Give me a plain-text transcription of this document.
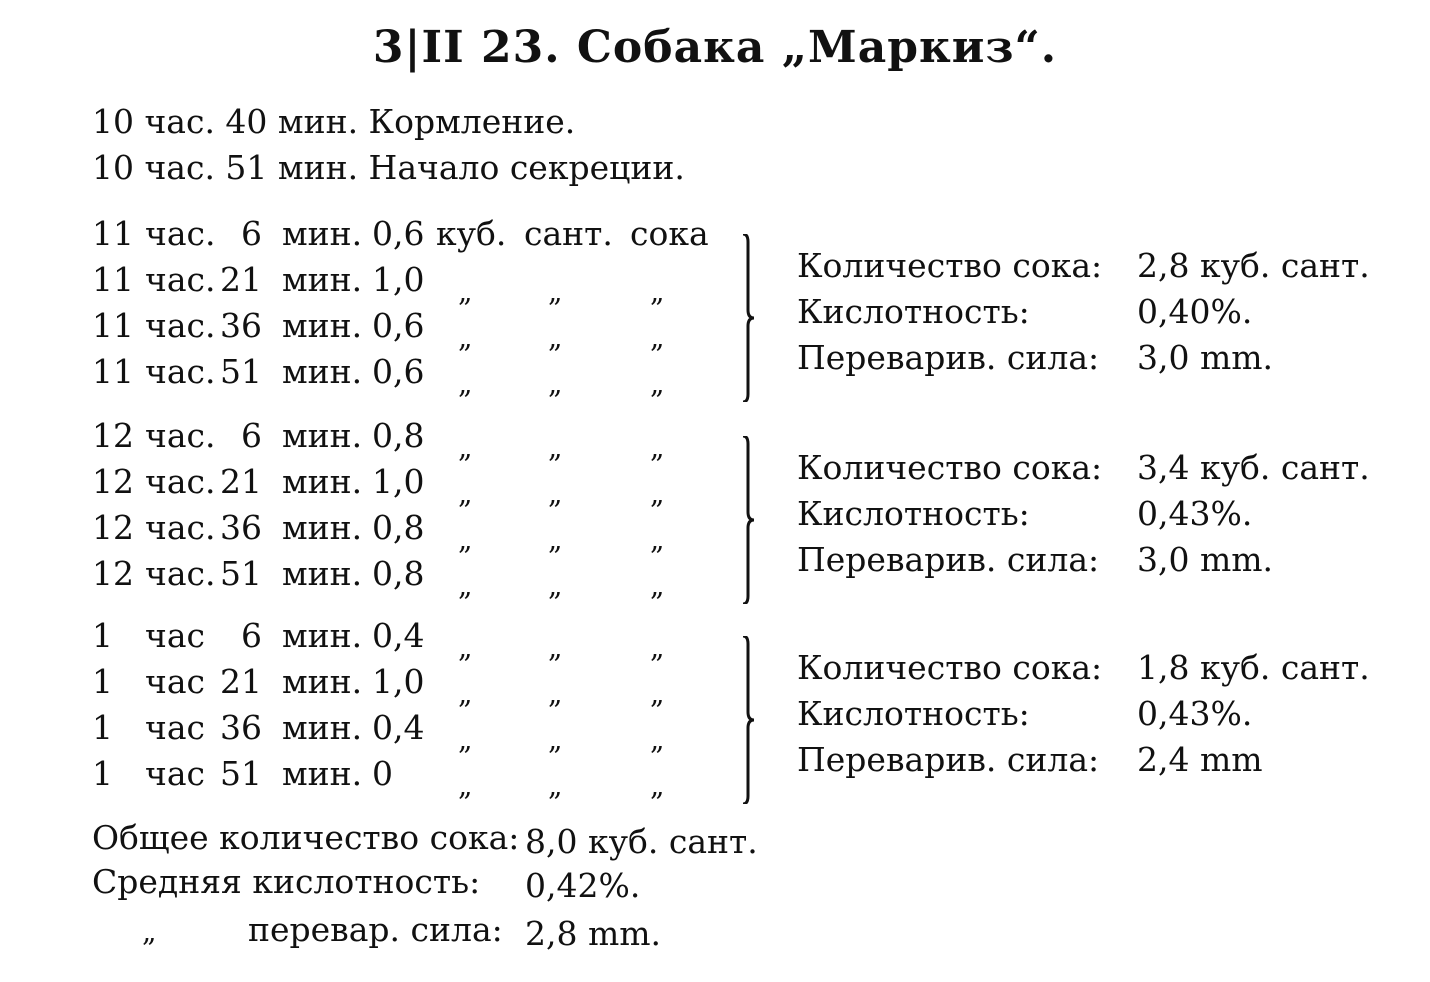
3|II 23. Собака „Маркиз“.
10 час. 40 мин. Кормление.
10 час. 51 мин. Начало секреции.
11 час. 6 мин. 0,6 куб. сант. сока
11 час. 21 мин. 1,0 „	„	„
11 час. 36 мин. 0,6 „	„	„
11 час. 51 мин. 0,6 „	„	„
Количество сока: 2,8 куб. сант.
Кислотность:	0,40%.
Переварив. сила: 3,0 mm.
12 час. 6 мин. 0,8 „	„	„
12 час. 21 мин. 1,0 „	„	„
12 час. 36 мин. 0,8 „	„	„
12 час. 51 мин. 0,8 „	„	„
Количество сока: 3,4 куб. сант.
Кислотность:	0,43%.
Переварив. сила: 3,0 mm.
1 час	6 мин. 0,4 „	„	„
1 час 21 мин. 1,0 „	„	„
1 час 36 мин. 0,4 „	„	„
1 час 51 мин. 0 „	„	„
Количество сока: 1,8 куб. сант.
Кислотность:	0,43%.
Переварив. сила: 2,4 mm
Общее количество сока: 8,0 куб. сант.
Средняя кислотность: 0,42%.
„	перевар. сила: 2,8 mm.
